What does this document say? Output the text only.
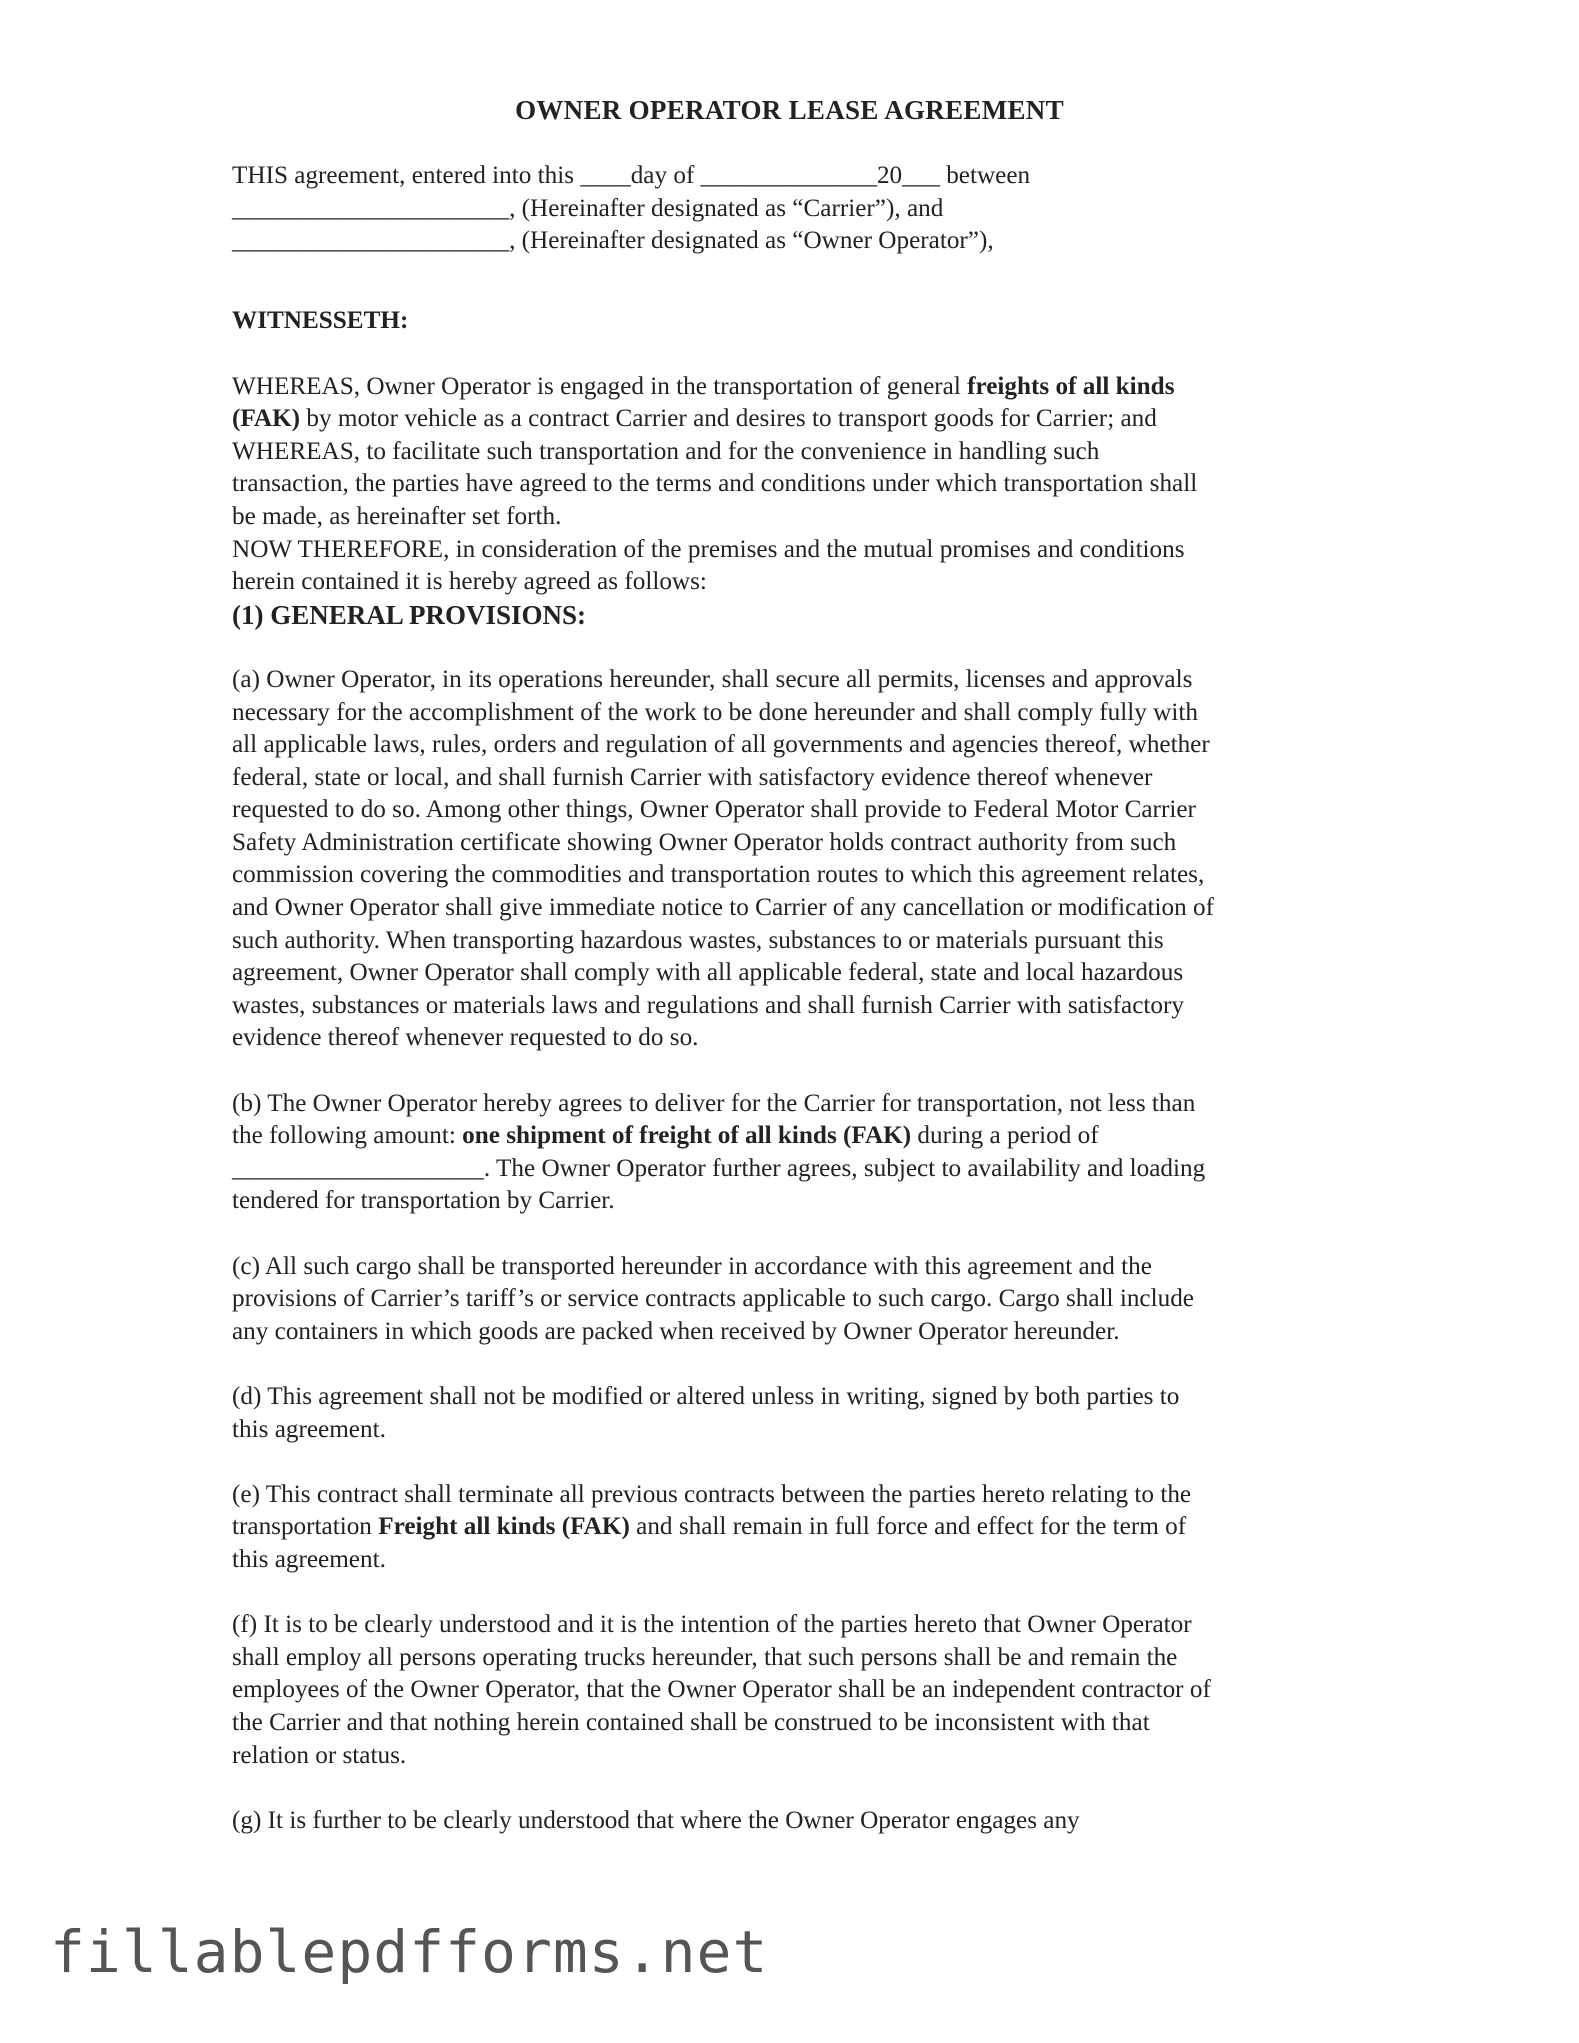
OWNER OPERATOR LEASE AGREEMENT

THIS agreement, entered into this ____day of ______________20___ between
______________________, (Hereinafter designated as “Carrier”), and
______________________, (Hereinafter designated as “Owner Operator”),

WITNESSETH:

WHEREAS, Owner Operator is engaged in the transportation of general freights of all kinds
(FAK) by motor vehicle as a contract Carrier and desires to transport goods for Carrier; and
WHEREAS, to facilitate such transportation and for the convenience in handling such
transaction, the parties have agreed to the terms and conditions under which transportation shall
be made, as hereinafter set forth.
NOW THEREFORE, in consideration of the premises and the mutual promises and conditions
herein contained it is hereby agreed as follows:

(1) GENERAL PROVISIONS:

(a) Owner Operator, in its operations hereunder, shall secure all permits, licenses and approvals
necessary for the accomplishment of the work to be done hereunder and shall comply fully with
all applicable laws, rules, orders and regulation of all governments and agencies thereof, whether
federal, state or local, and shall furnish Carrier with satisfactory evidence thereof whenever
requested to do so. Among other things, Owner Operator shall provide to Federal Motor Carrier
Safety Administration certificate showing Owner Operator holds contract authority from such
commission covering the commodities and transportation routes to which this agreement relates,
and Owner Operator shall give immediate notice to Carrier of any cancellation or modification of
such authority. When transporting hazardous wastes, substances to or materials pursuant this
agreement, Owner Operator shall comply with all applicable federal, state and local hazardous
wastes, substances or materials laws and regulations and shall furnish Carrier with satisfactory
evidence thereof whenever requested to do so.

(b) The Owner Operator hereby agrees to deliver for the Carrier for transportation, not less than
the following amount: one shipment of freight of all kinds (FAK) during a period of
____________________. The Owner Operator further agrees, subject to availability and loading
tendered for transportation by Carrier.

(c) All such cargo shall be transported hereunder in accordance with this agreement and the
provisions of Carrier’s tariff’s or service contracts applicable to such cargo. Cargo shall include
any containers in which goods are packed when received by Owner Operator hereunder.

(d) This agreement shall not be modified or altered unless in writing, signed by both parties to
this agreement.

(e) This contract shall terminate all previous contracts between the parties hereto relating to the
transportation Freight all kinds (FAK) and shall remain in full force and effect for the term of
this agreement.

(f) It is to be clearly understood and it is the intention of the parties hereto that Owner Operator
shall employ all persons operating trucks hereunder, that such persons shall be and remain the
employees of the Owner Operator, that the Owner Operator shall be an independent contractor of
the Carrier and that nothing herein contained shall be construed to be inconsistent with that
relation or status.

(g) It is further to be clearly understood that where the Owner Operator engages any

fillablepdfforms.net
